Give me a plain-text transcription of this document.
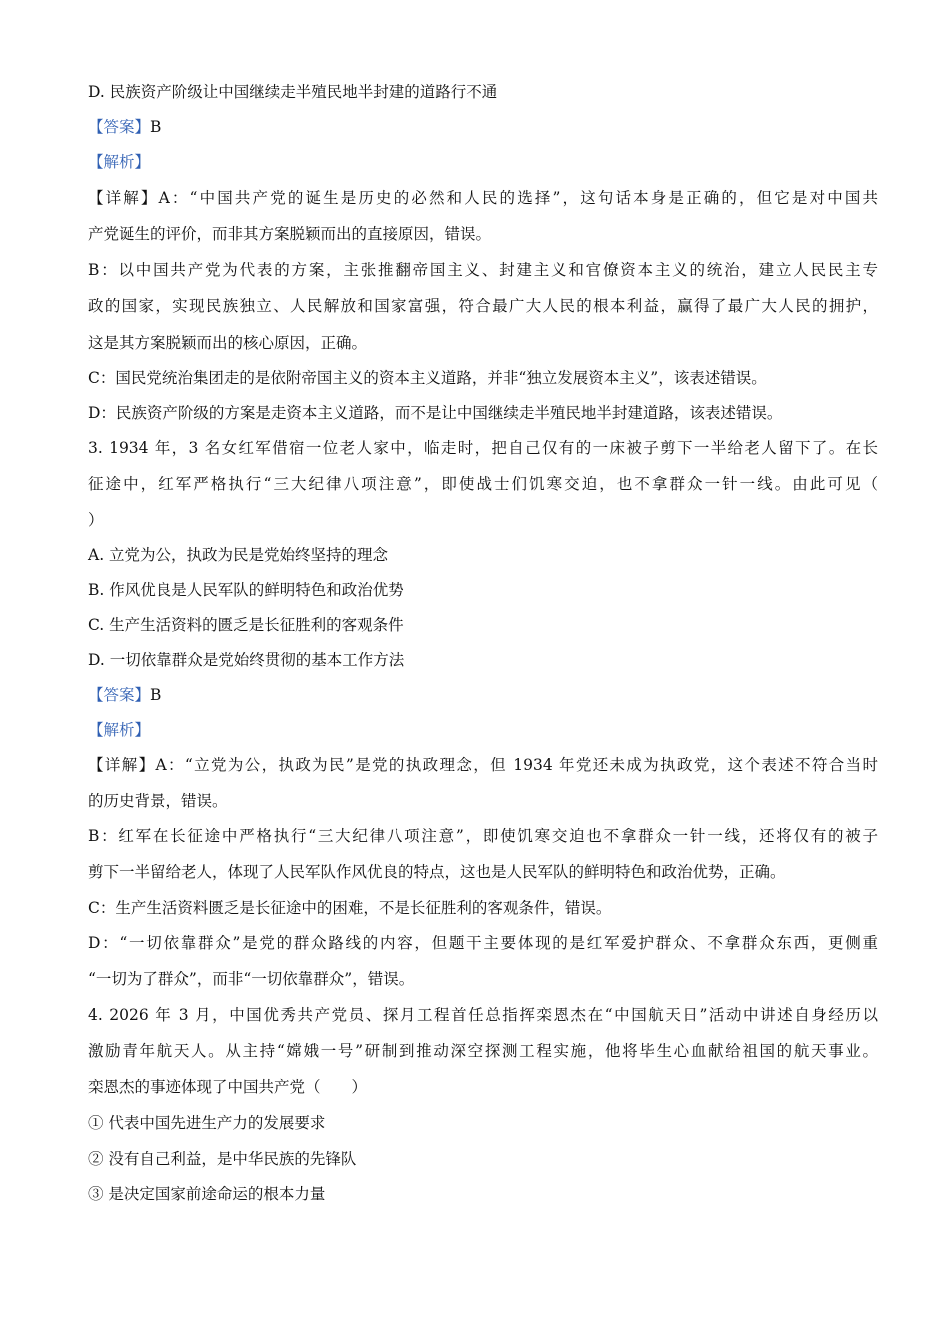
D. 民族资产阶级让中国继续走半殖民地半封建的道路行不通
【答案】B
【解析】
【详解】A：“中国共产党的诞生是历史的必然和人民的选择”，这句话本身是正确的，但它是对中国共
产党诞生的评价，而非其方案脱颖而出的直接原因，错误。
B：以中国共产党为代表的方案，主张推翻帝国主义、封建主义和官僚资本主义的统治，建立人民民主专
政的国家，实现民族独立、人民解放和国家富强，符合最广大人民的根本利益，赢得了最广大人民的拥护，
这是其方案脱颖而出的核心原因，正确。
C：国民党统治集团走的是依附帝国主义的资本主义道路，并非“独立发展资本主义”，该表述错误。
D：民族资产阶级的方案是走资本主义道路，而不是让中国继续走半殖民地半封建道路，该表述错误。
3. 1934 年，3 名女红军借宿一位老人家中，临走时，把自己仅有的一床被子剪下一半给老人留下了。在长
征途中，红军严格执行“三大纪律八项注意”，即使战士们饥寒交迫，也不拿群众一针一线。由此可见（
）
A. 立党为公，执政为民是党始终坚持的理念
B. 作风优良是人民军队的鲜明特色和政治优势
C. 生产生活资料的匮乏是长征胜利的客观条件
D. 一切依靠群众是党始终贯彻的基本工作方法
【答案】B
【解析】
【详解】A：“立党为公，执政为民”是党的执政理念，但 1934 年党还未成为执政党，这个表述不符合当时
的历史背景，错误。
B：红军在长征途中严格执行“三大纪律八项注意”，即使饥寒交迫也不拿群众一针一线，还将仅有的被子
剪下一半留给老人，体现了人民军队作风优良的特点，这也是人民军队的鲜明特色和政治优势，正确。
C：生产生活资料匮乏是长征途中的困难，不是长征胜利的客观条件，错误。
D：“一切依靠群众”是党的群众路线的内容，但题干主要体现的是红军爱护群众、不拿群众东西，更侧重
“一切为了群众”，而非“一切依靠群众”，错误。
4. 2026 年 3 月，中国优秀共产党员、探月工程首任总指挥栾恩杰在“中国航天日”活动中讲述自身经历以
激励青年航天人。从主持“嫦娥一号”研制到推动深空探测工程实施，他将毕生心血献给祖国的航天事业。
栾恩杰的事迹体现了中国共产党（　　）
① 代表中国先进生产力的发展要求
② 没有自己利益，是中华民族的先锋队
③ 是决定国家前途命运的根本力量
